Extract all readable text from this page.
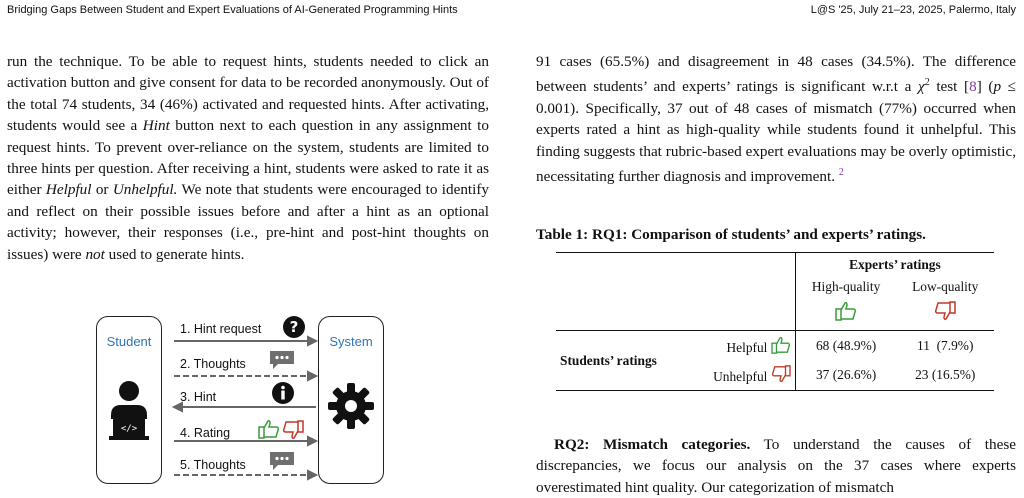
Bridging Gaps Between Student and Expert Evaluations of AI-Generated Programming Hints	L@S '25, July 21–23, 2025, Palermo, Italy

run the technique. To be able to request hints, students needed to click an activation button and give consent for data to be recorded anonymously. Out of the total 74 students, 34 (46%) activated and requested hints. After activating, students would see a Hint button next to each question in any assignment to request hints. To prevent over-reliance on the system, students are limited to three hints per question. After receiving a hint, students were asked to rate it as either Helpful or Unhelpful. We note that students were encouraged to identify and reflect on their possible issues before and after a hint as an optional activity; however, their responses (i.e., pre-hint and post-hint thoughts on issues) were not used to generate hints.

Student
</>
System
1. Hint request
2. Thoughts
3. Hint
4. Rating
5. Thoughts
?

91 cases (65.5%) and disagreement in 48 cases (34.5%). The difference between students’ and experts’ ratings is significant w.r.t a $\chi^2$ test [8] (p ≤ 0.001). Specifically, 37 out of 48 cases of mismatch (77%) occurred when experts rated a hint as high-quality while students found it unhelpful. This finding suggests that rubric-based expert evaluations may be overly optimistic, necessitating further diagnosis and improvement. $^2$

Table 1: RQ1: Comparison of students’ and experts’ ratings.
		Experts’ ratings	
		High-quality	Low-quality

Students’ ratings	Helpful	68 (48.9%)	11  (7.9%)
	Unhelpful	37 (26.6%)	23 (16.5%)

RQ2: Mismatch categories. To understand the causes of these discrepancies, we focus our analysis on the 37 cases where experts overestimated hint quality. Our categorization of mismatch
